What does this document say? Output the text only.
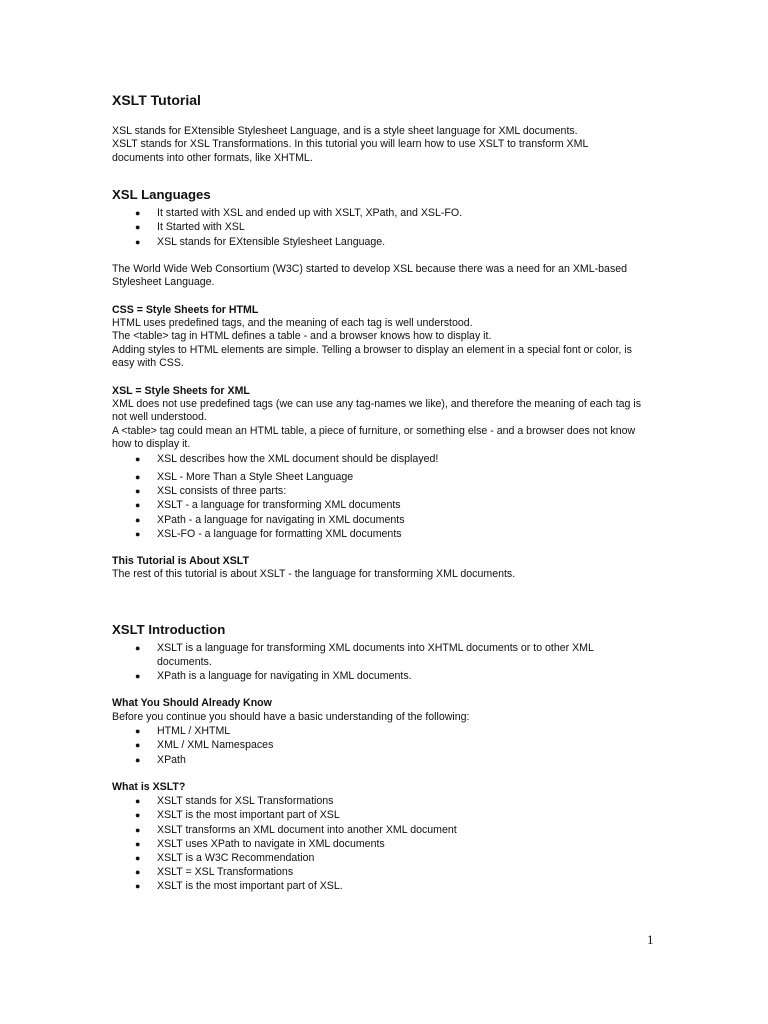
XSLT Tutorial

XSL stands for EXtensible Stylesheet Language, and is a style sheet language for XML documents.

XSLT stands for XSL Transformations. In this tutorial you will learn how to use XSLT to transform XML documents into other formats, like XHTML.

XSL Languages
● It started with XSL and ended up with XSLT, XPath, and XSL-FO.
● It Started with XSL
● XSL stands for EXtensible Stylesheet Language.

The World Wide Web Consortium (W3C) started to develop XSL because there was a need for an XML-based Stylesheet Language.

CSS = Style Sheets for HTML

HTML uses predefined tags, and the meaning of each tag is well understood.

The <table> tag in HTML defines a table - and a browser knows how to display it.

Adding styles to HTML elements are simple. Telling a browser to display an element in a special font or color, is easy with CSS.

XSL = Style Sheets for XML

XML does not use predefined tags (we can use any tag-names we like), and therefore the meaning of each tag is not well understood.

A <table> tag could mean an HTML table, a piece of furniture, or something else - and a browser does not know how to display it.

● XSL describes how the XML document should be displayed!
● XSL - More Than a Style Sheet Language
● XSL consists of three parts:
● XSLT - a language for transforming XML documents
● XPath - a language for navigating in XML documents
● XSL-FO - a language for formatting XML documents
This Tutorial is About XSLT

The rest of this tutorial is about XSLT - the language for transforming XML documents.

XSLT Introduction
● XSLT is a language for transforming XML documents into XHTML documents or to other XML documents.
● XPath is a language for navigating in XML documents.
What You Should Already Know

Before you continue you should have a basic understanding of the following:

● HTML / XHTML
● XML / XML Namespaces
● XPath
What is XSLT?
● XSLT stands for XSL Transformations
● XSLT is the most important part of XSL
● XSLT transforms an XML document into another XML document
● XSLT uses XPath to navigate in XML documents
● XSLT is a W3C Recommendation
● XSLT = XSL Transformations
● XSLT is the most important part of XSL.
1
